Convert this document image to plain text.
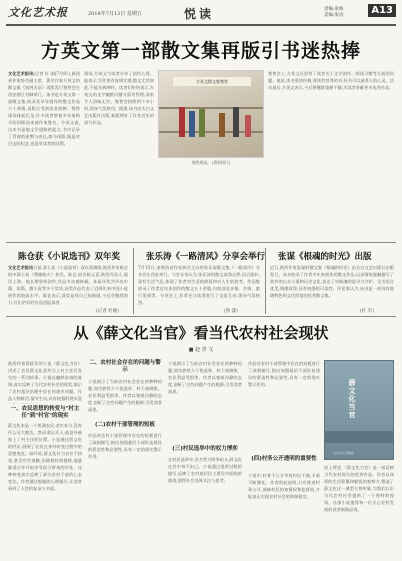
文化艺术报	2018年7月13日 星期五	悦读	责编:张杨
美编:张涛	A13
方英文第一部散文集再版引书迷热捧
文化艺术报讯(记者 杜 刚)7月8日,陕西省作家协会副主席、著名作家方英文的散文集《短剑无语》再版发行签售会在西安曲江书城举行。该书是方英文第一部散文集,收录其早年创作的散文作品六十余篇,再版后受到读者热捧。签售现场排起长龙,许多读者带着多年前购买的旧版前来请作家签名。方英文说,这本书是他文学道路的起点,书中记录了青春的迷惘与成长,如今再版,既是对过去的纪念,也是对读者的回馈。
现场,方英文与读者分享了创作心得。他表示,写作要有真情实感,散文尤其如此,不能无病呻吟。读者们纷纷表示,方英文的文字幽默风趣又富有哲理,读来令人回味无穷。签售会持续两个多小时,现场气氛热烈。据悉,该书由太白文艺出版社出版,新版增补了作者近年的部分作品。
方英文散文集签售
签售现场。 (资料图片)
签售会上,方英文还回答了读者关于文学创作、阅读习惯等方面的问题。他说,读书要读经典,要读有营养的书,好书可以滋养人的心灵。活动最后,方英文表示,今后将继续笔耕不辍,为读者奉献更多优秀作品。
陈仓获《小说选刊》双年奖
文化艺术报讯日前,第七届《小说选刊》双年奖揭晓,陕西作家陈仓的中篇小说《摩擦取火》获奖。陈仓,原名陈元喜,陕西丹凤人,现居上海。他长期坚持创作,作品多次被转载。本届评奖共评出中篇、短篇、微小说等多个奖项,获奖作品代表了近两年来中国小说创作的较高水平。陈仓表示,获奖是对自己的鼓励,今后会继续努力,写出更好的作品回报读者。
(记者 杜刚)
张乐涛《一路清风》分享会举行
7月15日,由陕西省作家协会主办的张乐涛散文集《一路清风》分享会在西安举行。与会专家认为,张乐涛的散文真挚自然,语言质朴,富有生活气息,体现了作者对生活的热爱和对人生的思考。作品集收录了作者近年来创作的散文五十余篇,内容涉及亲情、乡情、旅行见闻等。分享会上,作者还与读者进行了交流互动,现场气氛热烈。
(鲁 潇)
张谋《根魂的时光》出版
近日,陕西作家张谋的散文集《根魂的时光》由太白文艺出版社出版发行。该书收录了作者多年来创作的散文作品,以深情的笔触描写了故乡的山水人情和历史文化,表达了对根魂的追寻与守护。全书语言优美,情感真挚,具有较强的可读性。评论家认为,该书是一部具有地域特色和文化厚度的优秀散文集。
(杜 军)
从《薛文化当官》看当代农村社会现状
■ 赵 青 文
陕西作家常政军的小说《薛文化当官》讲述了农民薛文化意外当上村主任后发生的一系列故事。小说以幽默诙谐的笔调,真实反映了当代农村社会的现状,揭示了农村基层治理中存在的诸多问题。作品人物鲜活,情节生动,具有较强的现实意
一、农民思想的转变与"村主任"到"村官"的现实
薛文化本是一个普通农民,老实本分,没有什么远大抱负。然而命运弄人,他意外被推上了村主任的位置。小说通过薛文化的经历,展现了农民在身份转变过程中的思想变化。刚开始,薛文化对当官并不热衷,甚至有些抵触,但随着时间推移,他逐渐适应并开始享受权力带来的好处。这种转变真实反映了部分农村干部的心态变化。作者通过细腻的心理描写,让读者看到了人性的复杂与多面。
二、农村社会存在的问题与警示
小说揭示了当前农村社会存在的种种问题,如宗族势力干扰选举、村干部腐败、农民利益受损等。作者以客观冷静的态度,剖析了这些问题产生的根源,引发读者深思。
(二)农村干部管理的短板
作品对农村干部管理中存在的短板进行了深刻描写,指出加强基层干部队伍建设的紧迫性和必要性,具有一定的现实警示作用。
小说揭示了当前农村社会存在的种种问题,如宗族势力干扰选举、村干部腐败、农民利益受损等。作者以客观冷静的态度,剖析了这些问题产生的根源,引发读者深思。
(三)村民选举中的权力博弈
在村民选举中,各方势力明争暗斗,薛文化在其中身不由己。小说通过选举过程的描写,反映了农村基层民主建设中面临的挑战,值得社会各界关注与思考。
作品对农村干部管理中存在的短板进行了深刻描写,指出加强基层干部队伍建设的紧迫性和必要性,具有一定的现实警示作用。
(四)村务公开透明的重要性
小说中,村务不公开导致村民不满,矛盾不断激化。作者借此说明,只有推进村务公开,保障村民的知情权和监督权,才能真正实现农村社会的和谐稳定。
薛文化当官
太白文艺出版社
综上所述,《薛文化当官》是一部反映当代农村现实的优秀作品。作者以深厚的生活积累和敏锐的观察力,塑造了薛文化这一典型人物形象,为我们认识当代农村社会提供了一个独特的视角。这部小说值得每一位关心农村发展的读者细细品读。
